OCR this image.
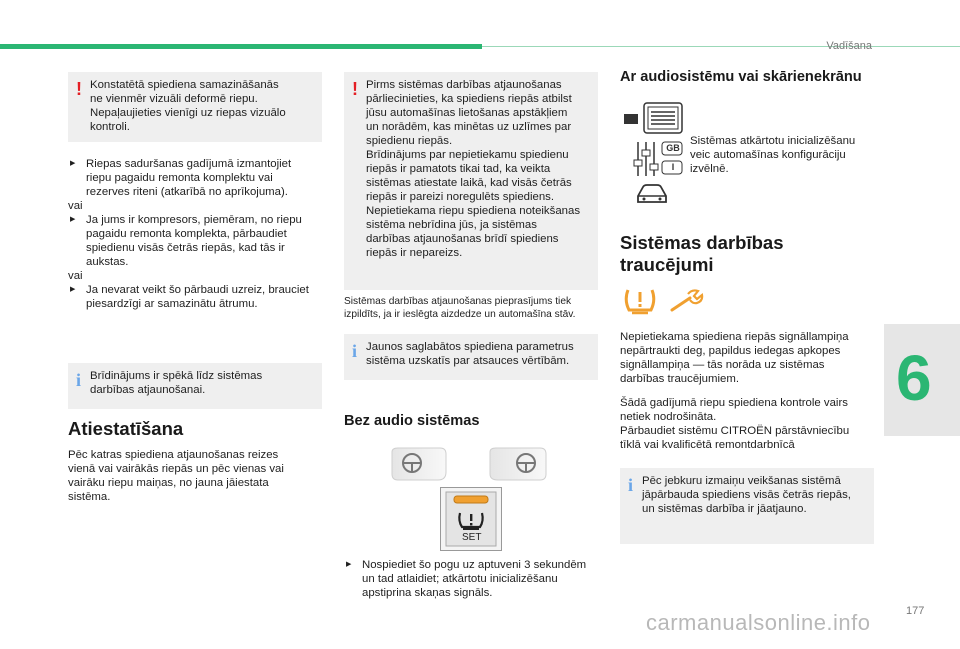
Vadīšana
! Konstatētā spiediena samazināšanās
ne vienmēr vizuāli deformē riepu.
Nepaļaujieties vienīgi uz riepas vizuālo
kontroli.
▶ Riepas saduršanas gadījumā izmantojiet
riepu pagaidu remonta komplektu vai
rezerves riteni (atkarībā no aprīkojuma).
vai
▶ Ja jums ir kompresors, piemēram, no riepu
pagaidu remonta komplekta, pārbaudiet
spiedienu visās četrās riepās, kad tās ir
aukstas.
vai
▶ Ja nevarat veikt šo pārbaudi uzreiz, brauciet
piesardzīgi ar samazinātu ātrumu.
i Brīdinājums ir spēkā līdz sistēmas
darbības atjaunošanai.
Atiestatīšana
Pēc katras spiediena atjaunošanas reizes
vienā vai vairākās riepās un pēc vienas vai
vairāku riepu maiņas, no jauna jāiestata
sistēma.
! Pirms sistēmas darbības atjaunošanas
pārliecinieties, ka spiediens riepās atbilst
jūsu automašīnas lietošanas apstākļiem
un norādēm, kas minētas uz uzlīmes par
spiedienu riepās.
Brīdinājums par nepietiekamu spiedienu
riepās ir pamatots tikai tad, ka veikta
sistēmas atiestate laikā, kad visās četrās
riepās ir pareizi noregulēts spiediens.
Nepietiekama riepu spiediena noteikšanas
sistēma nebrīdina jūs, ja sistēmas
darbības atjaunošanas brīdī spiediens
riepās ir nepareizs.
Sistēmas darbības atjaunošanas pieprasījums tiek
izpildīts, ja ir ieslēgta aizdedze un automašīna stāv.
i Jaunos saglabātos spiediena parametrus
sistēma uzskatīs par atsauces vērtībām.
Bez audio sistēmas
SET
▶ Nospiediet šo pogu uz aptuveni 3 sekundēm
un tad atlaidiet; atkārtotu inicializēšanu
apstiprina skaņas signāls.
Ar audiosistēmu vai skārienekrānu
GB
I
Sistēmas atkārtotu inicializēšanu
veic automašīnas konfigurāciju
izvēlnē.
Sistēmas darbības
traucējumi
Nepietiekama spiediena riepās signāllampiņa
nepārtraukti deg, papildus iedegas apkopes
signāllampiņa — tās norāda uz sistēmas
darbības traucējumiem.
Šādā gadījumā riepu spiediena kontrole vairs
netiek nodrošināta.
Pārbaudiet sistēmu CITROËN pārstāvniecību
tīklā vai kvalificētā remontdarbnīcā
i Pēc jebkuru izmaiņu veikšanas sistēmā
jāpārbauda spiediens visās četrās riepās,
un sistēmas darbība ir jāatjauno.
6
177
carmanualsonline.info
